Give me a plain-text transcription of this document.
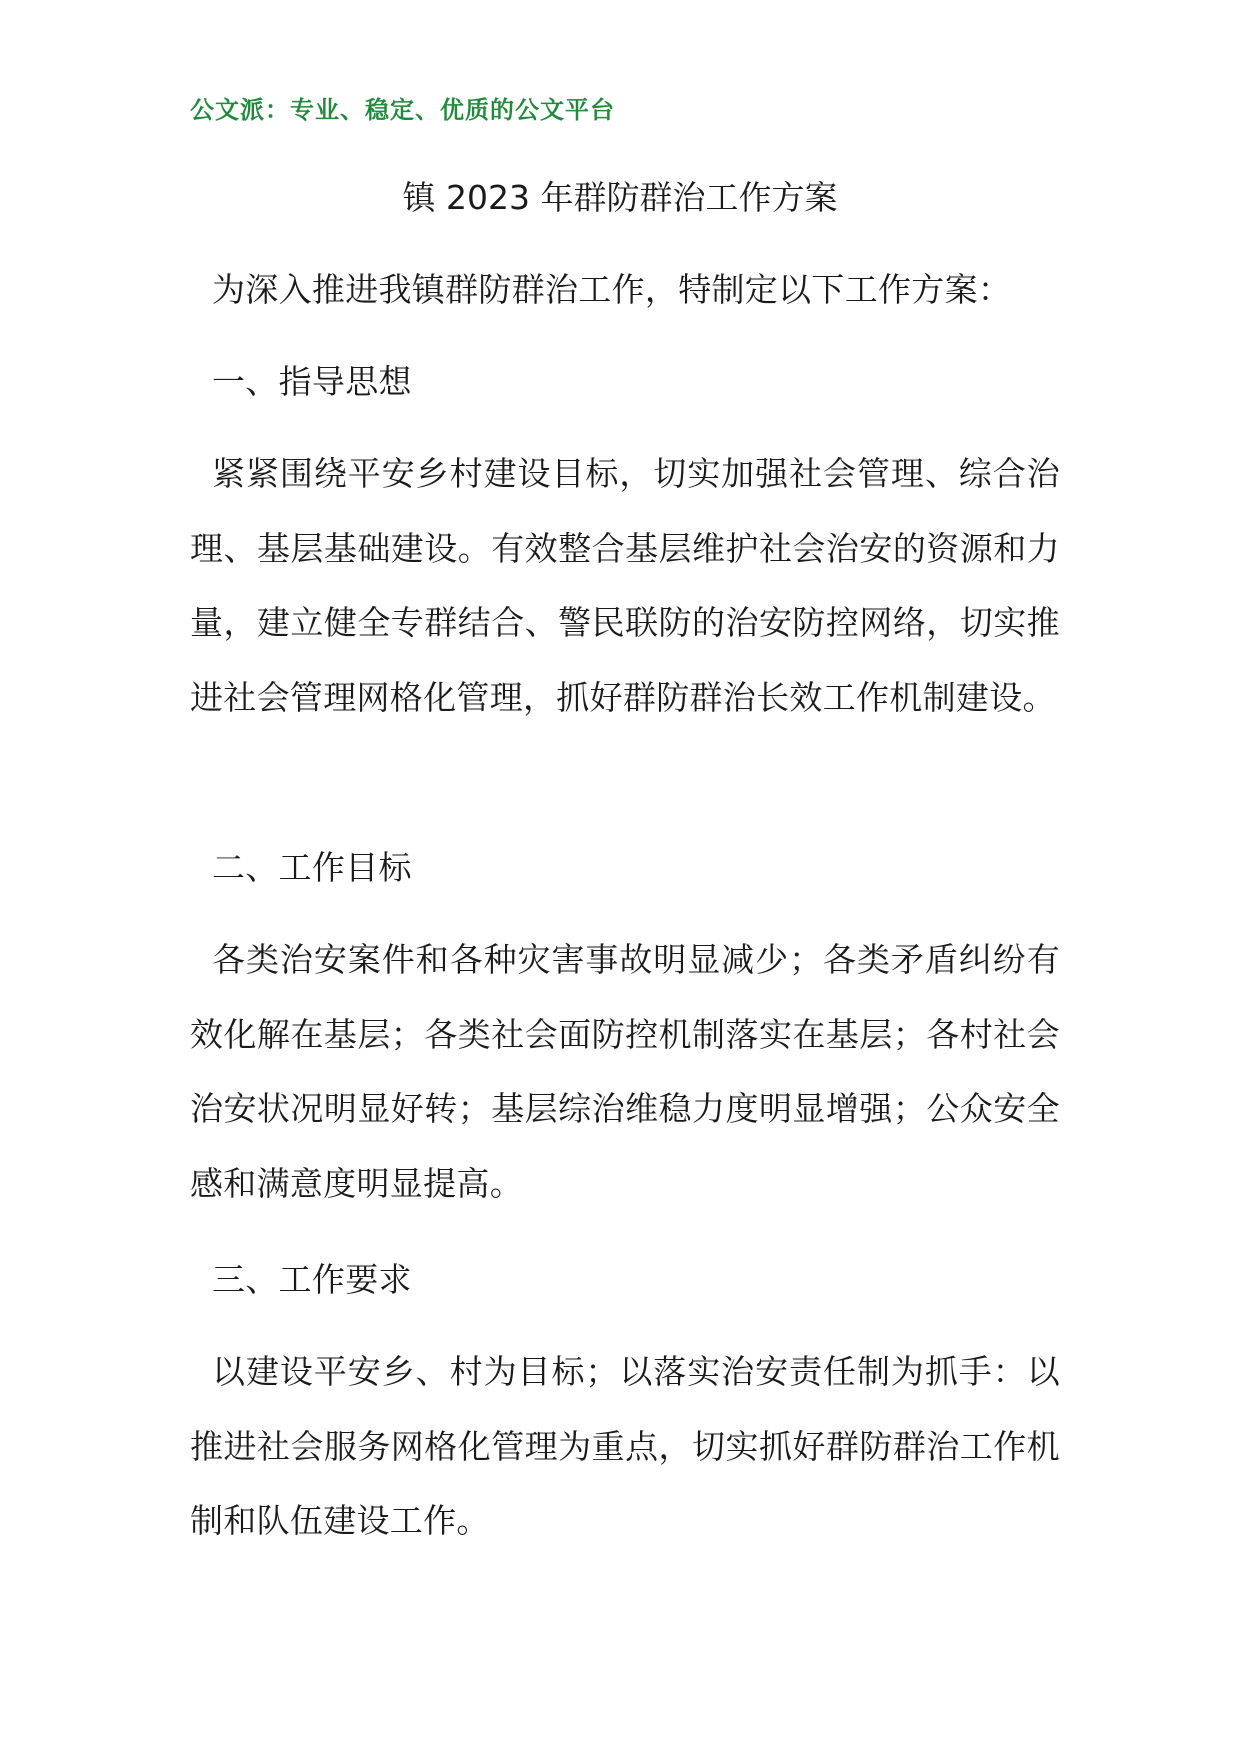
公文派：专业、稳定、优质的公文平台
镇 2023 年群防群治工作方案
为深入推进我镇群防群治工作，特制定以下工作方案：
一、指导思想
紧紧围绕平安乡村建设目标，切实加强社会管理、综合治理、基层基础建设。有效整合基层维护社会治安的资源和力量，建立健全专群结合、警民联防的治安防控网络，切实推进社会管理网格化管理，抓好群防群治长效工作机制建设。
二、工作目标
各类治安案件和各种灾害事故明显减少；各类矛盾纠纷有效化解在基层；各类社会面防控机制落实在基层；各村社会治安状况明显好转；基层综治维稳力度明显增强；公众安全感和满意度明显提高。
三、工作要求
以建设平安乡、村为目标；以落实治安责任制为抓手：以推进社会服务网格化管理为重点，切实抓好群防群治工作机制和队伍建设工作。
